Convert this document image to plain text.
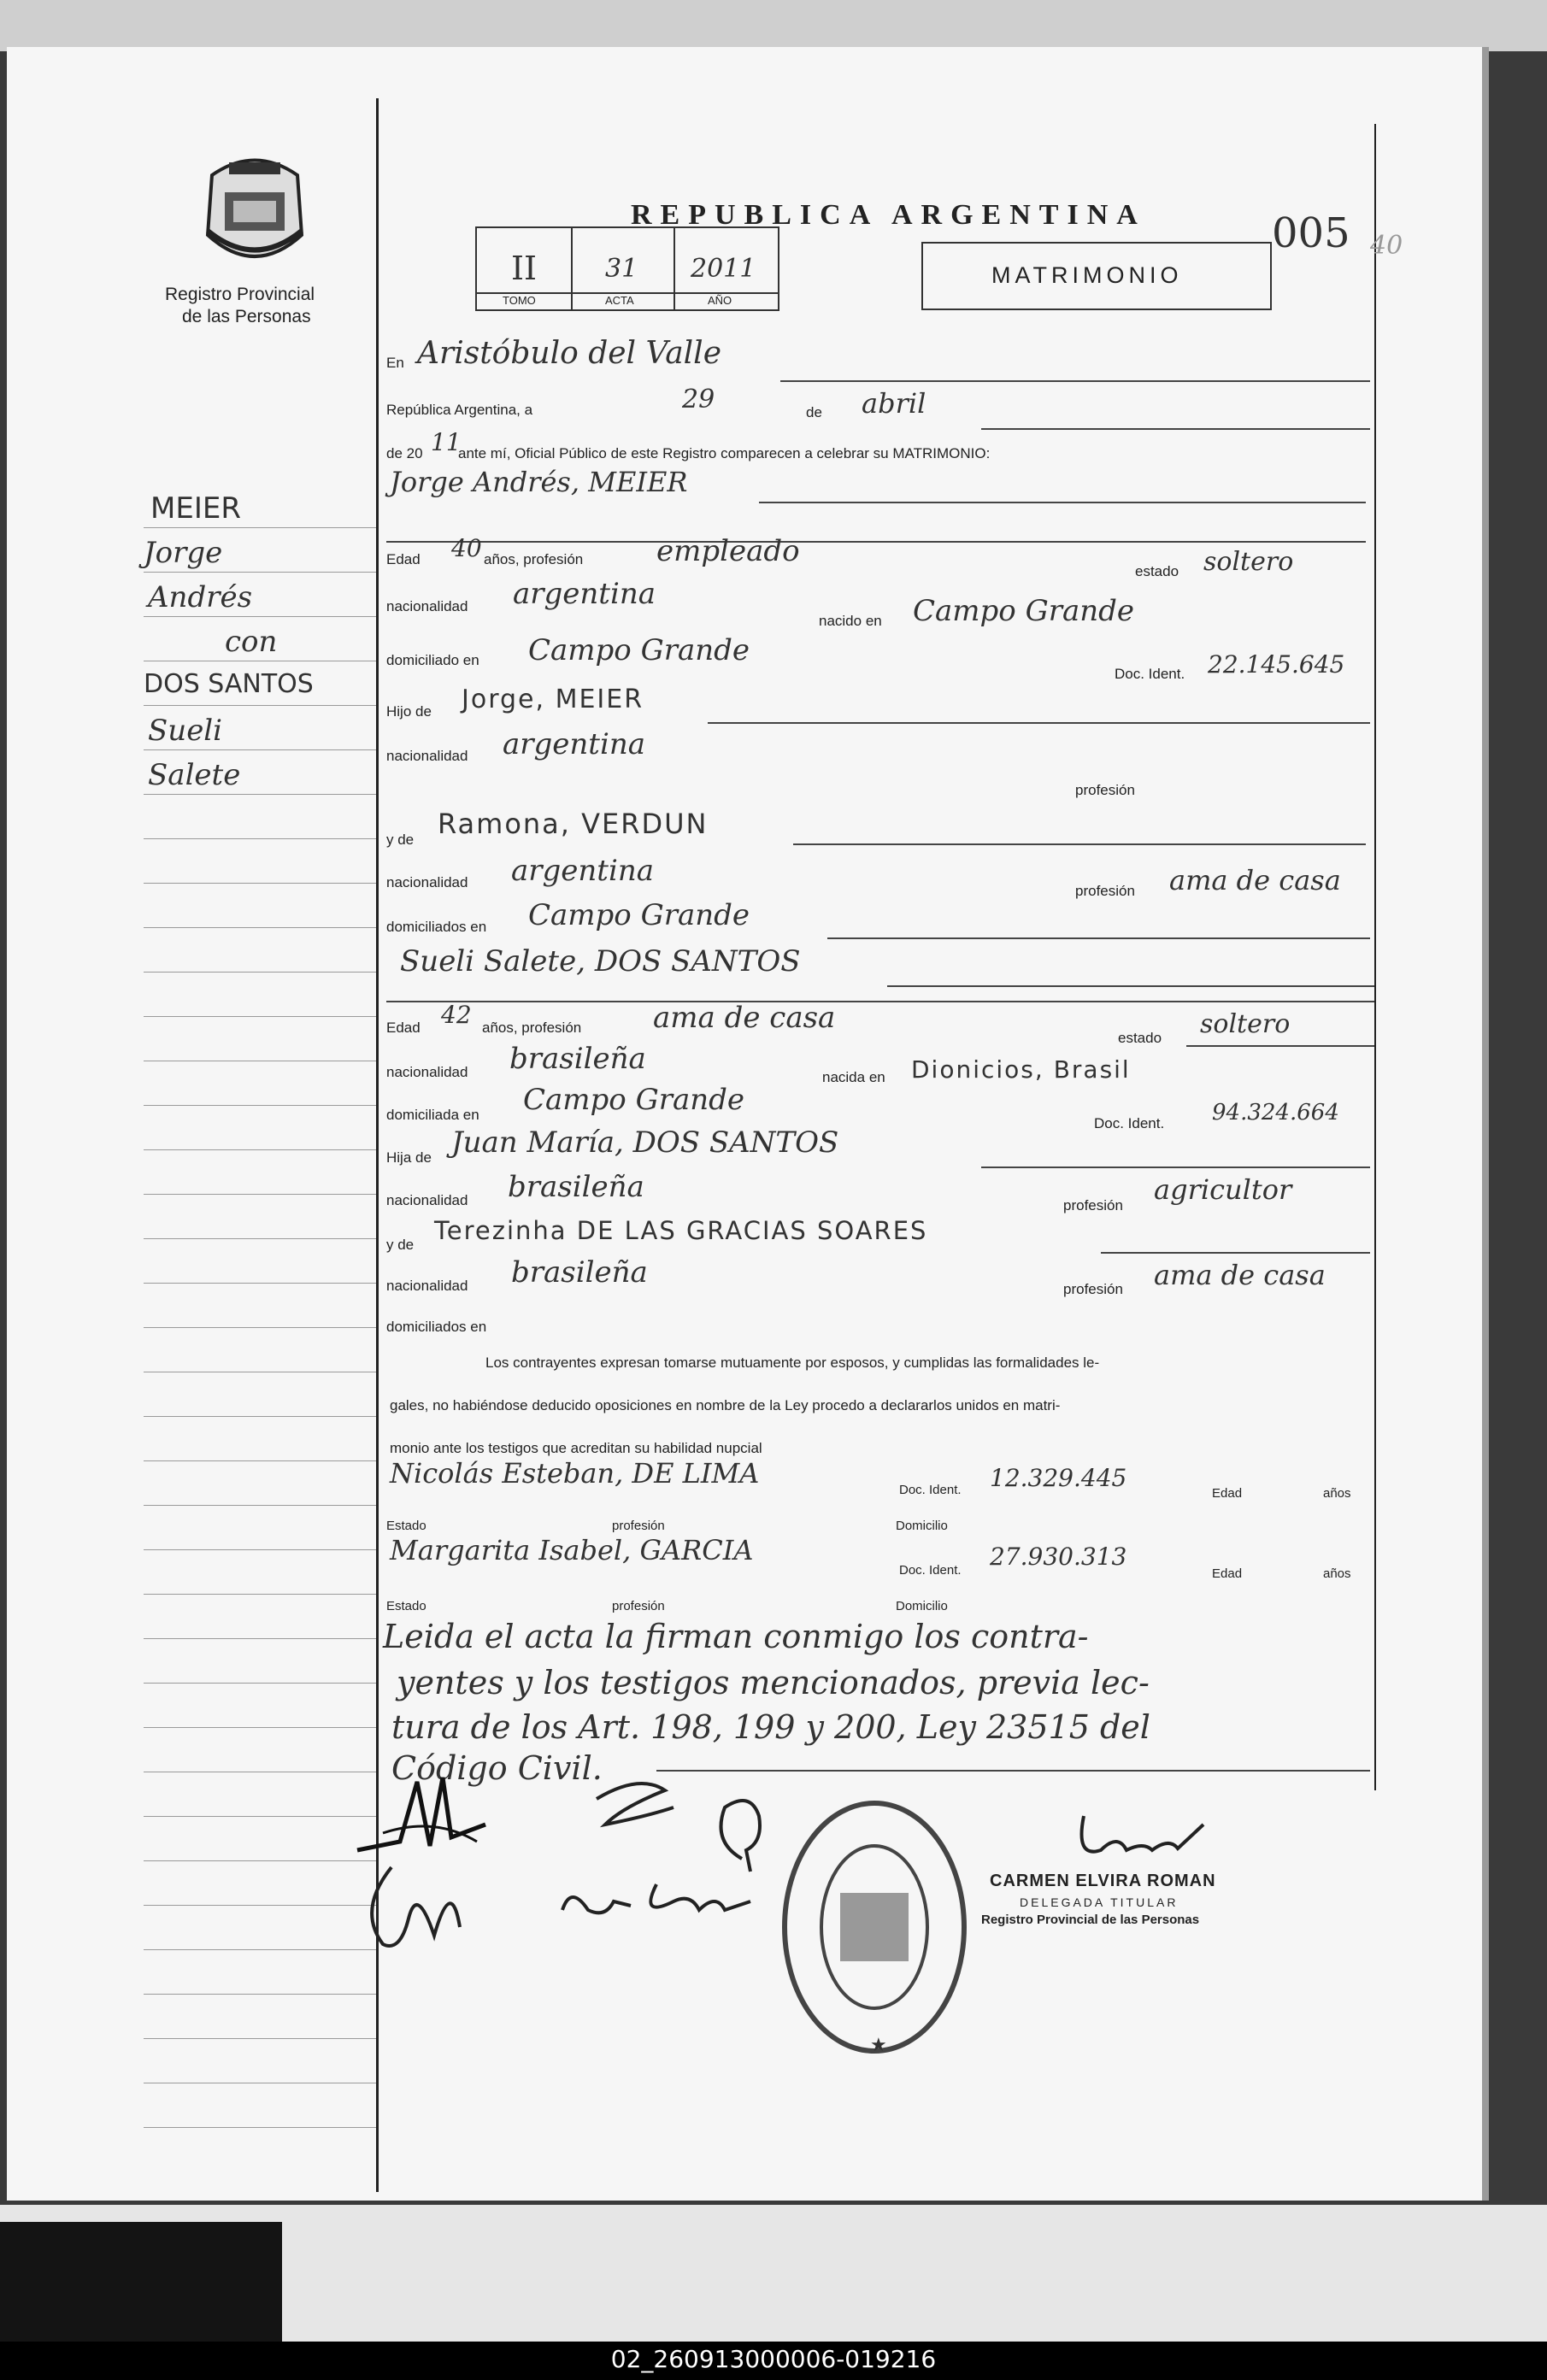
Registro Provincial
de las Personas
REPUBLICA ARGENTINA	005 40
II	31 2011
TOMO	ACTA	AÑO
MATRIMONIO
MEIER
Jorge
Andrés
con
DOS SANTOS
Sueli
Salete
En Aristóbulo del Valle
República Argentina, a	29	de abril
de 20 11
ante mí, Oficial Público de este Registro comparecen a celebrar su MATRIMONIO:
Jorge Andrés, MEIER
Edad 40 años, profesión	empleado
estado soltero
nacionalidad argentina
nacido en Campo Grande
domiciliado en Campo Grande
Doc. Ident. 22.145.645
Hijo de Jorge, MEIER
nacionalidad argentina
profesión
y de Ramona, VERDUN
nacionalidad argentina
profesión ama de casa
domiciliados en Campo Grande
Sueli Salete, DOS SANTOS
Edad 42 años, profesión ama de casa
estado soltero
nacionalidad brasileña
nacida en Dionicios, Brasil
domiciliada en Campo Grande
Doc. Ident. 94.324.664
Hija de Juan María, DOS SANTOS
nacionalidad brasileña
profesión agricultor
y de Terezinha DE LAS GRACIAS SOARES
nacionalidad brasileña	profesión ama de casa
domiciliados en
Los contrayentes expresan tomarse mutuamente por esposos, y cumplidas las formalidades le-
gales, no habiéndose deducido oposiciones en nombre de la Ley procedo a declararlos unidos en matri-
monio ante los testigos que acreditan su habilidad nupcial
Nicolás Esteban, DE LIMA
Doc. Ident. 12.329.445
Edad	años
Estado	profesión	Domicilio
Margarita Isabel, GARCIA
Doc. Ident. 27.930.313
Edad	años
Estado	profesión	Domicilio
Leida el acta la firman conmigo los contra-
yentes y los testigos mencionados, previa lec-
tura de los Art. 198, 199 y 200, Ley 23515 del
Código Civil.
★
CARMEN ELVIRA ROMAN
DELEGADA TITULAR
Registro Provincial de las Personas
02_260913000006-019216
